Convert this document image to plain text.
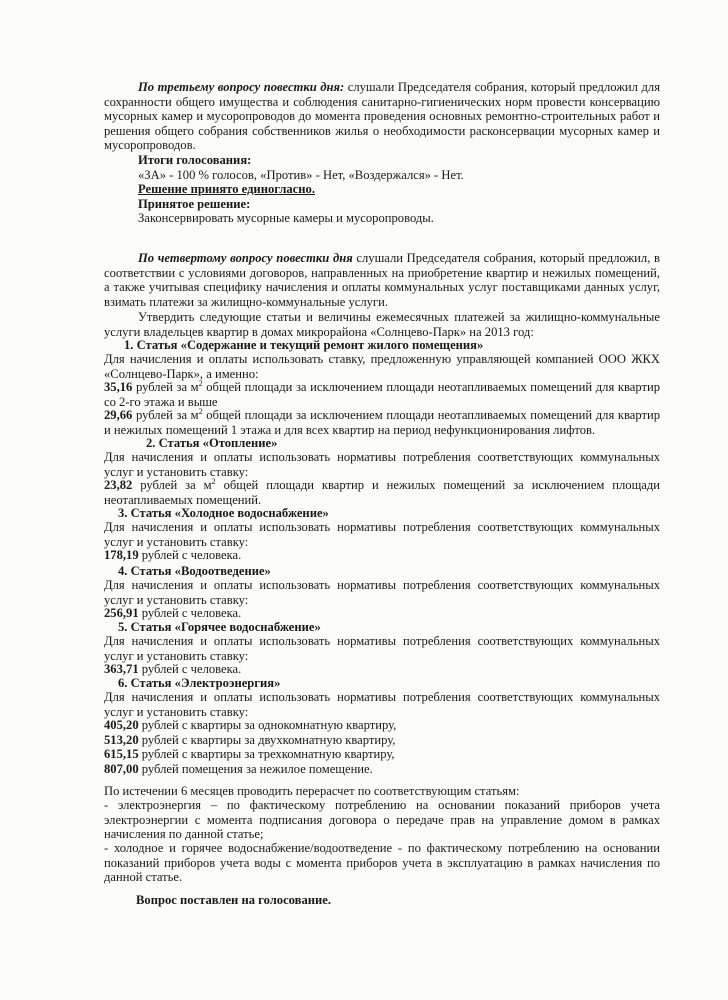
По третьему вопросу повестки дня: слушали Председателя собрания, который предложил для сохранности общего имущества и соблюдения санитарно-гигиенических норм провести консервацию мусорных камер и мусоропроводов до момента проведения основных ремонтно-строительных работ и решения общего собрания собственников жилья о необходимости расконсервации мусорных камер и мусоропроводов.

Итоги голосования:
«ЗА» - 100 % голосов, «Против» - Нет, «Воздержался» - Нет.
Решение принято единогласно.
Принятое решение:
Законсервировать мусорные камеры и мусоропроводы.

По четвертому вопросу повестки дня слушали Председателя собрания, который предложил, в соответствии с условиями договоров, направленных на приобретение квартир и нежилых помещений, а также учитывая специфику начисления и оплаты коммунальных услуг поставщиками данных услуг, взимать платежи за жилищно-коммунальные услуги.

Утвердить следующие статьи и величины ежемесячных платежей за жилищно-коммунальные услуги владельцев квартир в домах микрорайона «Солнцево-Парк» на 2013 год:

1. Статья «Содержание и текущий ремонт жилого помещения»

Для начисления и оплаты использовать ставку, предложенную управляющей компанией ООО ЖКХ «Солнцево-Парк», а именно:

35,16 рублей за $м^2$ общей площади за исключением площади неотапливаемых помещений для квартир со 2-го этажа и выше

29,66 рублей за $м^2$ общей площади за исключением площади неотапливаемых помещений для квартир и нежилых помещений 1 этажа и для всех квартир на период нефункционирования лифтов.

2. Статья «Отопление»

Для начисления и оплаты использовать нормативы потребления соответствующих коммунальных услуг и установить ставку:

23,82 рублей за $м^2$ общей площади квартир и нежилых помещений за исключением площади неотапливаемых помещений.

3. Статья «Холодное водоснабжение»

Для начисления и оплаты использовать нормативы потребления соответствующих коммунальных услуг и установить ставку:

178,19 рублей с человека.

4. Статья «Водоотведение»

Для начисления и оплаты использовать нормативы потребления соответствующих коммунальных услуг и установить ставку:

256,91 рублей с человека.

5. Статья «Горячее водоснабжение»

Для начисления и оплаты использовать нормативы потребления соответствующих коммунальных услуг и установить ставку:

363,71 рублей с человека.

6. Статья «Электроэнергия»

Для начисления и оплаты использовать нормативы потребления соответствующих коммунальных услуг и установить ставку:

405,20 рублей с квартиры за однокомнатную квартиру,
513,20 рублей с квартиры за двухкомнатную квартиру,
615,15 рублей с квартиры за трехкомнатную квартиру,
807,00 рублей помещения за нежилое помещение.

По истечении 6 месяцев проводить перерасчет по соответствующим статьям:

- электроэнергия – по фактическому потреблению на основании показаний приборов учета электроэнергии с момента подписания договора о передаче прав на управление домом в рамках начисления по данной статье;

- холодное и горячее водоснабжение/водоотведение - по фактическому потреблению на основании показаний приборов учета воды с момента приборов учета в эксплуатацию в рамках начисления по данной статье.

Вопрос поставлен на голосование.
